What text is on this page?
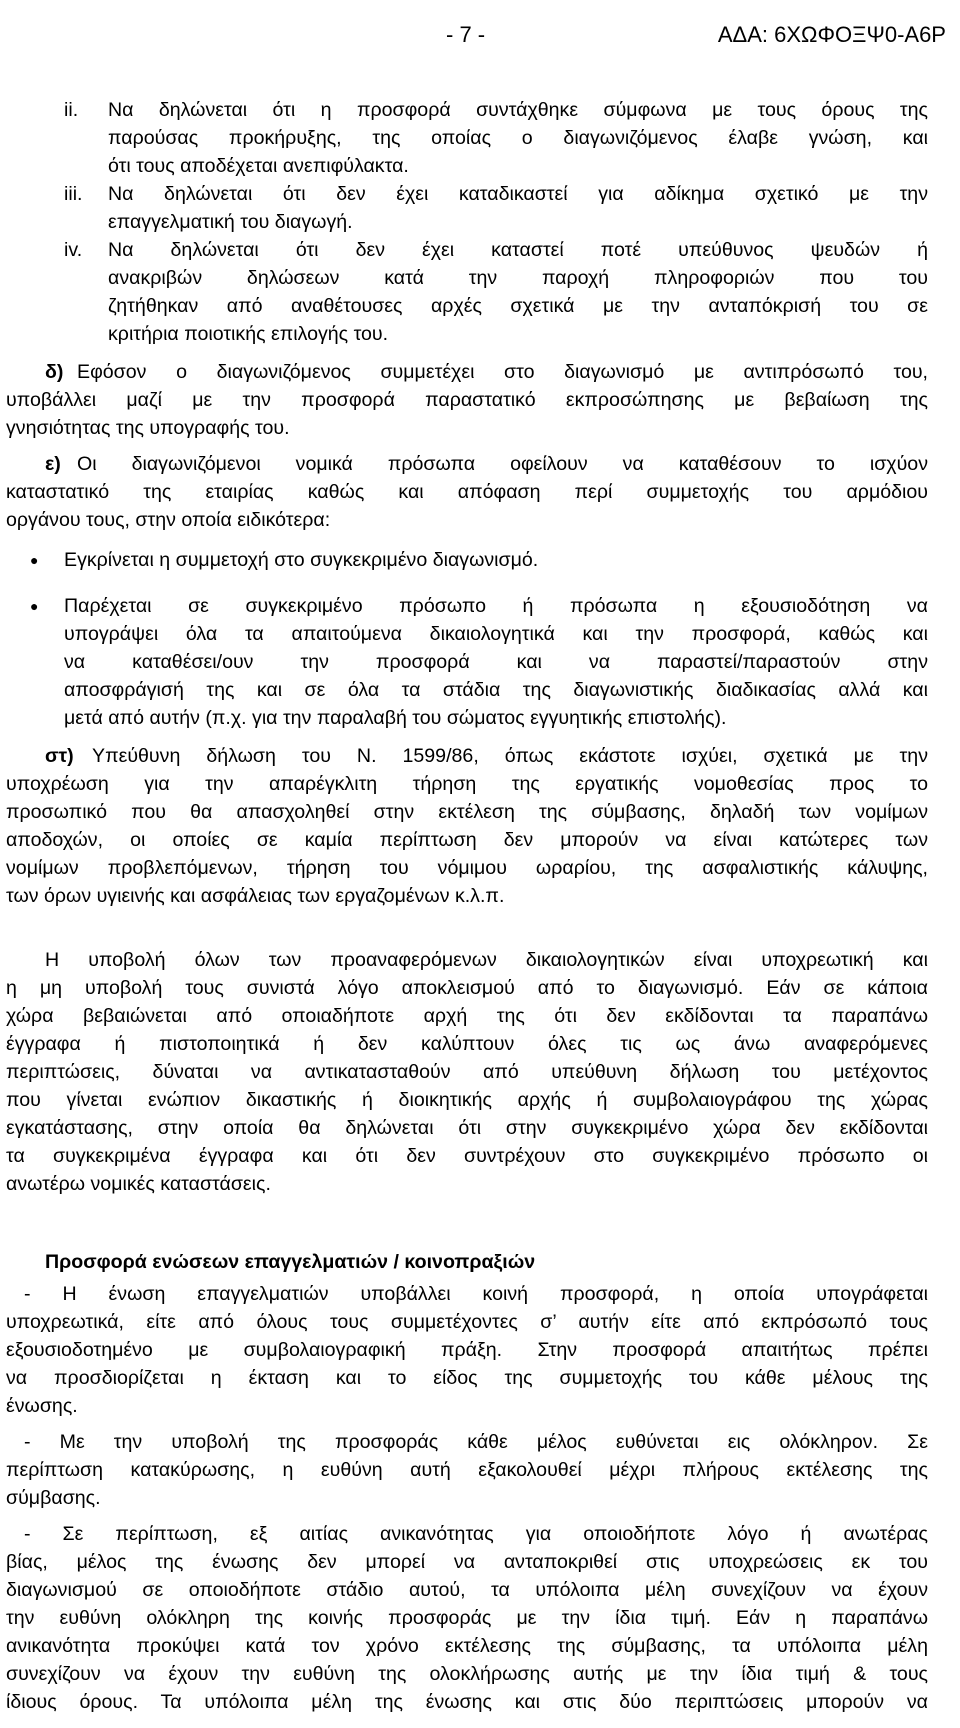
- 7 -	ΑΔΑ: 6ΧΩΦΟΞΨ0-Α6Ρ
ii. Να δηλώνεται ότι η προσφορά συντάχθηκε σύμφωνα με τους όρους της
παρούσας προκήρυξης, της οποίας ο διαγωνιζόμενος έλαβε γνώση, και
ότι τους αποδέχεται ανεπιφύλακτα.
iii. Να δηλώνεται ότι δεν έχει καταδικαστεί για αδίκημα σχετικό με την
επαγγελματική του διαγωγή.
iv. Να δηλώνεται ότι δεν έχει καταστεί ποτέ υπεύθυνος ψευδών ή
ανακριβών δηλώσεων κατά την παροχή πληροφοριών που του
ζητήθηκαν από αναθέτουσες αρχές σχετικά με την ανταπόκρισή του σε
κριτήρια ποιοτικής επιλογής του.
δ) Εφόσον ο διαγωνιζόμενος συμμετέχει στο διαγωνισμό με αντιπρόσωπό του,
υποβάλλει μαζί με την προσφορά παραστατικό εκπροσώπησης με βεβαίωση της
γνησιότητας της υπογραφής του.
ε) Οι διαγωνιζόμενοι νομικά πρόσωπα οφείλουν να καταθέσουν το ισχύον
καταστατικό της εταιρίας καθώς και απόφαση περί συμμετοχής του αρμόδιου
οργάνου τους, στην οποία ειδικότερα:
● Εγκρίνεται η συμμετοχή στο συγκεκριμένο διαγωνισμό.
● Παρέχεται σε συγκεκριμένο πρόσωπο ή πρόσωπα η εξουσιοδότηση να
υπογράψει όλα τα απαιτούμενα δικαιολογητικά και την προσφορά, καθώς και
να καταθέσει/ουν την προσφορά και να παραστεί/παραστούν στην
αποσφράγισή της και σε όλα τα στάδια της διαγωνιστικής διαδικασίας αλλά και
μετά από αυτήν (π.χ. για την παραλαβή του σώματος εγγυητικής επιστολής).
στ) Υπεύθυνη δήλωση του Ν. 1599/86, όπως εκάστοτε ισχύει, σχετικά με την
υποχρέωση για την απαρέγκλιτη τήρηση της εργατικής νομοθεσίας προς το
προσωπικό που θα απασχοληθεί στην εκτέλεση της σύμβασης, δηλαδή των νομίμων
αποδοχών, οι οποίες σε καμία περίπτωση δεν μπορούν να είναι κατώτερες των
νομίμων προβλεπόμενων, τήρηση του νόμιμου ωραρίου, της ασφαλιστικής κάλυψης,
των όρων υγιεινής και ασφάλειας των εργαζομένων κ.λ.π.
Η υποβολή όλων των προαναφερόμενων δικαιολογητικών είναι υποχρεωτική και
η μη υποβολή τους συνιστά λόγο αποκλεισμού από το διαγωνισμό. Εάν σε κάποια
χώρα βεβαιώνεται από οποιαδήποτε αρχή της ότι δεν εκδίδονται τα παραπάνω
έγγραφα ή πιστοποιητικά ή δεν καλύπτουν όλες τις ως άνω αναφερόμενες
περιπτώσεις, δύναται να αντικατασταθούν από υπεύθυνη δήλωση του μετέχοντος
που γίνεται ενώπιον δικαστικής ή διοικητικής αρχής ή συμβολαιογράφου της χώρας
εγκατάστασης, στην οποία θα δηλώνεται ότι στην συγκεκριμένο χώρα δεν εκδίδονται
τα συγκεκριμένα έγγραφα και ότι δεν συντρέχουν στο συγκεκριμένο πρόσωπο οι
ανωτέρω νομικές καταστάσεις.
Προσφορά ενώσεων επαγγελματιών / κοινοπραξιών
- Η ένωση επαγγελματιών υποβάλλει κοινή προσφορά, η οποία υπογράφεται
υποχρεωτικά, είτε από όλους τους συμμετέχοντες σ’ αυτήν είτε από εκπρόσωπό τους
εξουσιοδοτημένο με συμβολαιογραφική πράξη. Στην προσφορά απαιτήτως πρέπει
να προσδιορίζεται η έκταση και το είδος της συμμετοχής του κάθε μέλους της
ένωσης.
- Με την υποβολή της προσφοράς κάθε μέλος ευθύνεται εις ολόκληρον. Σε
περίπτωση κατακύρωσης, η ευθύνη αυτή εξακολουθεί μέχρι πλήρους εκτέλεσης της
σύμβασης.
- Σε περίπτωση, εξ αιτίας ανικανότητας για οποιοδήποτε λόγο ή ανωτέρας
βίας, μέλος της ένωσης δεν μπορεί να ανταποκριθεί στις υποχρεώσεις εκ του
διαγωνισμού σε οποιοδήποτε στάδιο αυτού, τα υπόλοιπα μέλη συνεχίζουν να έχουν
την ευθύνη ολόκληρη της κοινής προσφοράς με την ίδια τιμή. Εάν η παραπάνω
ανικανότητα προκύψει κατά τον χρόνο εκτέλεσης της σύμβασης, τα υπόλοιπα μέλη
συνεχίζουν να έχουν την ευθύνη της ολοκλήρωσης αυτής με την ίδια τιμή & τους
ίδιους όρους. Τα υπόλοιπα μέλη της ένωσης και στις δύο περιπτώσεις μπορούν να
